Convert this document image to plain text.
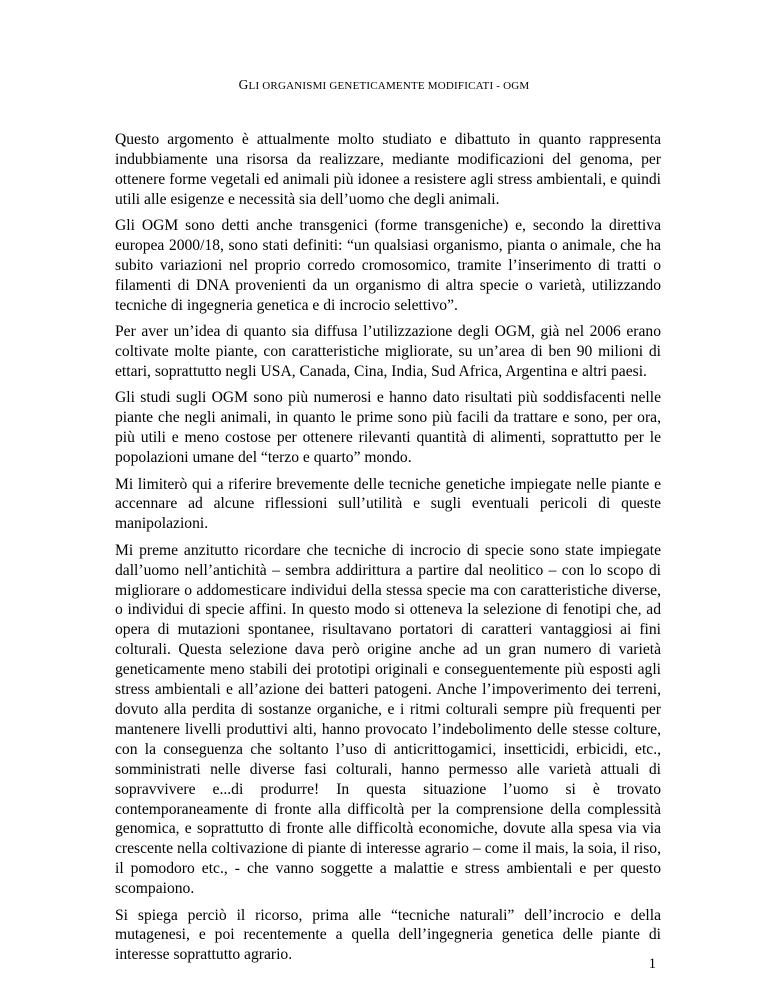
GLI ORGANISMI GENETICAMENTE MODIFICATI - OGM

Questo argomento è attualmente molto studiato e dibattuto in quanto rappresenta indubbiamente una risorsa da realizzare, mediante modificazioni del genoma, per ottenere forme vegetali ed animali più idonee a resistere agli stress ambientali, e quindi utili alle esigenze e necessità sia dell’uomo che degli animali.

Gli OGM sono detti anche transgenici (forme transgeniche) e, secondo la direttiva europea 2000/18, sono stati definiti: “un qualsiasi organismo, pianta o animale, che ha subito variazioni nel proprio corredo cromosomico, tramite l’inserimento di tratti o filamenti di DNA provenienti da un organismo di altra specie o varietà, utilizzando tecniche di ingegneria genetica e di incrocio selettivo”.

Per aver un’idea di quanto sia diffusa l’utilizzazione degli OGM, già nel 2006 erano coltivate molte piante, con caratteristiche migliorate, su un’area di ben 90 milioni di ettari, soprattutto negli USA, Canada, Cina, India, Sud Africa, Argentina e altri paesi.

Gli studi sugli OGM sono più numerosi e hanno dato risultati più soddisfacenti nelle piante che negli animali, in quanto le prime sono più facili da trattare e sono, per ora, più utili e meno costose per ottenere rilevanti quantità di alimenti, soprattutto per le popolazioni umane del “terzo e quarto” mondo.

Mi limiterò qui a riferire brevemente delle tecniche genetiche impiegate nelle piante e accennare ad alcune riflessioni sull’utilità e sugli eventuali pericoli di queste manipolazioni.

Mi preme anzitutto ricordare che tecniche di incrocio di specie sono state impiegate dall’uomo nell’antichità – sembra addirittura a partire dal neolitico – con lo scopo di migliorare o addomesticare individui della stessa specie ma con caratteristiche diverse, o individui di specie affini. In questo modo si otteneva la selezione di fenotipi che, ad opera di mutazioni spontanee, risultavano portatori di caratteri vantaggiosi ai fini colturali. Questa selezione dava però origine anche ad un gran numero di varietà geneticamente meno stabili dei prototipi originali e conseguentemente più esposti agli stress ambientali e all’azione dei batteri patogeni. Anche l’impoverimento dei terreni, dovuto alla perdita di sostanze organiche, e i ritmi colturali sempre più frequenti per mantenere livelli produttivi alti, hanno provocato l’indebolimento delle stesse colture, con la conseguenza che soltanto l’uso di anticrittogamici, insetticidi, erbicidi, etc., somministrati nelle diverse fasi colturali, hanno permesso alle varietà attuali di sopravvivere e...di produrre! In questa situazione l’uomo si è trovato contemporaneamente di fronte alla difficoltà per la comprensione della complessità genomica, e soprattutto di fronte alle difficoltà economiche, dovute alla spesa via via crescente nella coltivazione di piante di interesse agrario – come il mais, la soia, il riso, il pomodoro etc., - che vanno soggette a malattie e stress ambientali e per questo scompaiono.

Si spiega perciò il ricorso, prima alle “tecniche naturali” dell’incrocio e della mutagenesi, e poi recentemente a quella dell’ingegneria genetica delle piante di interesse soprattutto agrario.

1
